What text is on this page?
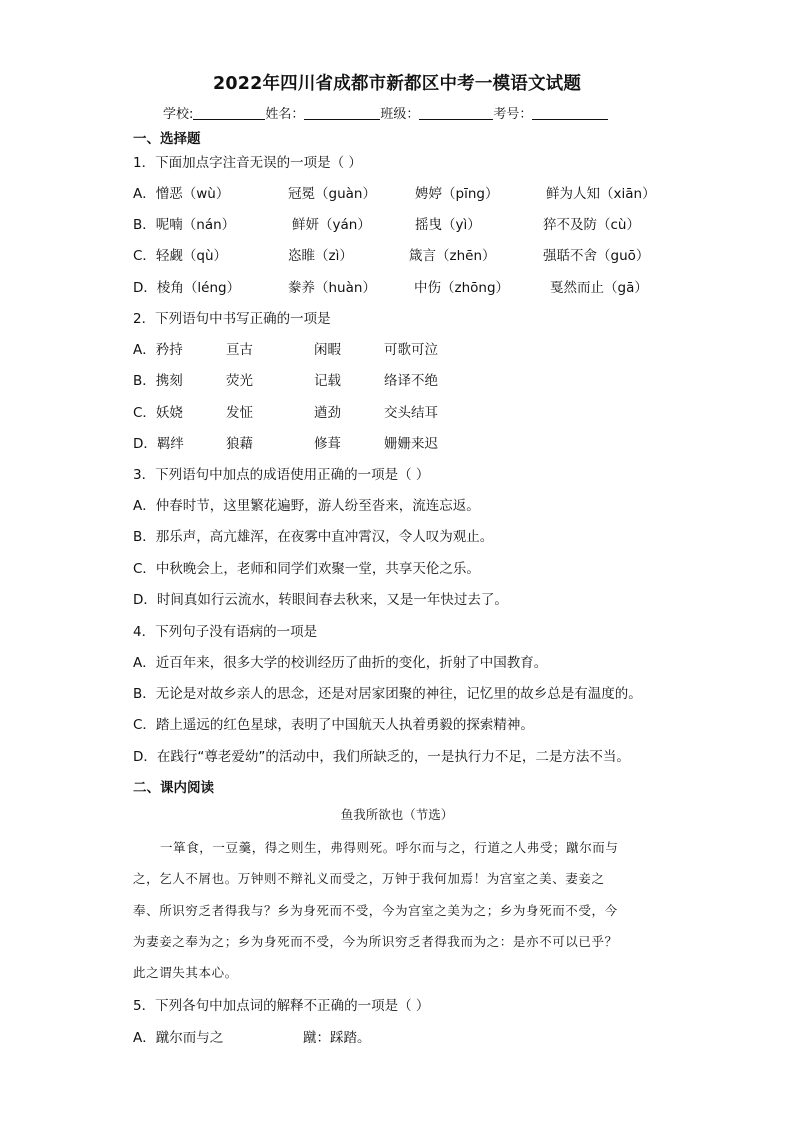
2022年四川省成都市新都区中考一模语文试题
学校:	姓名：	班级：	考号：
一、选择题
1．下面加点字注音无误的一项是（ ）
A．憎恶（wù）	冠冕（guàn）	娉婷（pīng）	鲜为人知（xiān）
B．呢喃（nán）	鲜妍（yán）	摇曳（yì）	猝不及防（cù）
C．轻觑（qù）	恣睢（zì）	箴言（zhēn）	强聒不舍（guō）
D．棱角（léng）	豢养（huàn）	中伤（zhōng）	戛然而止（gā）
2．下列语句中书写正确的一项是
A．矜持	亘古	闲暇	可歌可泣
B．携刻	荧光	记载	络译不绝
C．妖娆	发怔	遒劲	交头结耳
D．羁绊	狼藉	修葺	姗姗来迟
3．下列语句中加点的成语使用正确的一项是（ ）
A．仲春时节，这里繁花遍野，游人纷至沓来，流连忘返。
B．那乐声，高亢雄浑，在夜雾中直冲霄汉，令人叹为观止。
C．中秋晚会上，老师和同学们欢聚一堂，共享天伦之乐。
D．时间真如行云流水，转眼间春去秋来，又是一年快过去了。
4．下列句子没有语病的一项是
A．近百年来，很多大学的校训经历了曲折的变化，折射了中国教育。
B．无论是对故乡亲人的思念，还是对居家团聚的神往，记忆里的故乡总是有温度的。
C．踏上遥远的红色星球，表明了中国航天人执着勇毅的探索精神。
D．在践行“尊老爱幼”的活动中，我们所缺乏的，一是执行力不足，二是方法不当。
二、课内阅读
鱼我所欲也（节选）
一箪食，一豆羹，得之则生，弗得则死。呼尔而与之，行道之人弗受；蹴尔而与
之，乞人不屑也。万钟则不辩礼义而受之，万钟于我何加焉！为宫室之美、妻妾之
奉、所识穷乏者得我与？乡为身死而不受，今为宫室之美为之；乡为身死而不受，今
为妻妾之奉为之；乡为身死而不受，今为所识穷乏者得我而为之：是亦不可以已乎？
此之谓失其本心。
5．下列各句中加点词的解释不正确的一项是（ ）
A．蹴尔而与之	蹴：踩踏。
